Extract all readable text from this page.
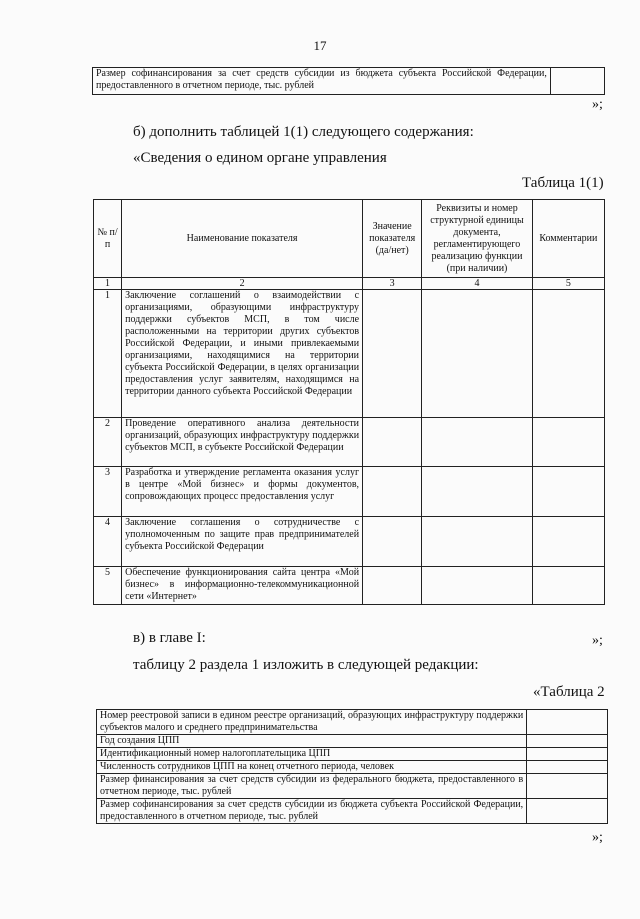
17
Размер софинансирования за счет средств субсидии из бюджета субъекта Российской Федерации, предоставленного в отчетном периоде, тыс. рублей	
»;
б) дополнить таблицей 1(1) следующего содержания:
«Сведения о едином органе управления
Таблица 1(1)
№ п/п	Наименование показателя	Значение показателя (да/нет)	Реквизиты и номер структурной единицы документа, регламентирующего реализацию функции (при наличии)	Комментарии
1	2	3	4	5
1	Заключение соглашений о взаимодействии с организациями, образующими инфраструктуру поддержки субъектов МСП, в том числе расположенными на территории других субъектов Российской Федерации, и иными привлекаемыми организациями, находящимися на территории субъекта Российской Федерации, в целях организации предоставления услуг заявителям, находящимся на территории данного субъекта Российской Федерации			
2	Проведение оперативного анализа деятельности организаций, образующих инфраструктуру поддержки субъектов МСП, в субъекте Российской Федерации			
3	Разработка и утверждение регламента оказания услуг в центре «Мой бизнес» и формы документов, сопровождающих процесс предоставления услуг			
4	Заключение соглашения о сотрудничестве с уполномоченным по защите прав предпринимателей субъекта Российской Федерации			
5	Обеспечение функционирования сайта центра «Мой бизнес» в информационно-телекоммуникационной сети «Интернет»			
»;
в) в главе I:
таблицу 2 раздела 1 изложить в следующей редакции:
«Таблица 2
Номер реестровой записи в едином реестре организаций, образующих инфраструктуру поддержки субъектов малого и среднего предпринимательства	
Год создания ЦПП	
Идентификационный номер налогоплательщика ЦПП	
Численность сотрудников ЦПП на конец отчетного периода, человек	
Размер финансирования за счет средств субсидии из федерального бюджета, предоставленного в отчетном периоде, тыс. рублей	
Размер софинансирования за счет средств субсидии из бюджета субъекта Российской Федерации, предоставленного в отчетном периоде, тыс. рублей	
»;
